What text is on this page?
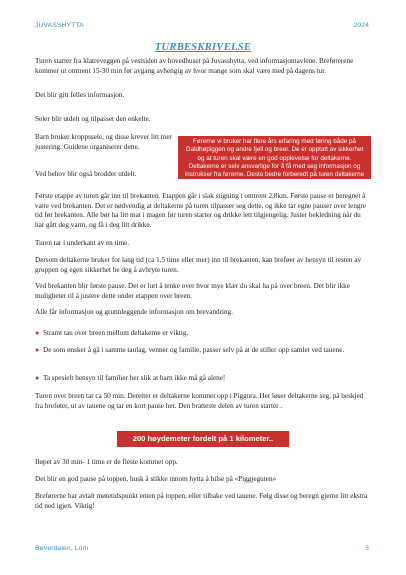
JUVASSHYTTA	2024
TURBESKRIVELSE

Turen starter fra klatreveggen på vestsiden av hovedhuset på Juvasshytta, ved informasjontavlene. Breførerene kommer ut omtrent 15-30 min før avgang avhengig av hvor mange som skal være med på dagens tur.

Det blir gitt felles informasjon.

Seler blir utdelt og tilpasset den enkelte.

Barn bruker kroppssele, og disse krever litt mer justering. Guidene organiserer dette.

Ved behov blir også brodder utdelt.

Førerne vi bruker har flere års erfaring med føring både på Galdhøpiggen og andre fjell og breer. De er opptatt av sikkerhet og at turen skal være en god opplevelse for deltakerne. Deltakerne er selv ansvarlige for å få med seg informasjon og instrukser fra førerne. Desto bedre forberedt på turen deltakerne er, desto bedre opplevelse blir turen.

Første etappe av turen går inn til brekanten. Etappen går i slak stigning i omtrent 2,8km. Første pause er beregnet å være ved brekanten. Det er nødvendig at deltakerne på turen tilpasser seg dette, og ikke tar egne pauser over lengre tid før brekanten. Alle bør ha litt mat i magen før turen starter og drikke lett tilgjengelig. Juster bekledning når du har gått deg varm, og få i deg litt drikke.

Turen tar i underkant av en time.

Dersom deltakerne bruker for lang tid (ca 1,5 time eller mer) inn til brekanten, kan breføer av hensyn til resten av gruppen og egen sikkerhet be deg å avbryte turen.

Ved brekanten blir første pause. Det er lurt å tenke over hvor mye klær du skal ha på over breen. Det blir ikke muligheter til å justere dette under etappen over breen.

Alle får informasjon og grunnleggende informasjon om brevandring.

● Stramt tau over breen mellom deltakerne er viktig.
● De som ønsker å gå i samme taulag, venner og familie, passer selv på at de stiller opp samlet ved tauene.
● Ta spesielt hensyn til familier her slik at barn ikke må gå alene!

Turen over breen tar ca 50 min. Deretter er deltakerne kommet opp i Piggura. Her løser deltakerne seg, på beskjed fra breføter, ut av tauene og tar en kort pause her. Den bratteste delen av turen starter .

200 høydemeter fordelt på 1 kilometer..

Iløpet av 30 min- 1 time er de fleste kommet opp.

Det blir en god pause på toppen, husk å stikke innom hytta å hilse på «Piggjeguten»

Breførerne har avtalt møtetidspunkt enten på toppen, eller tilbake ved tauene. Følg disse og beregn gjerne litt ekstra tid ned igjen. Viktig!

Bøverdalen, Lom	3
